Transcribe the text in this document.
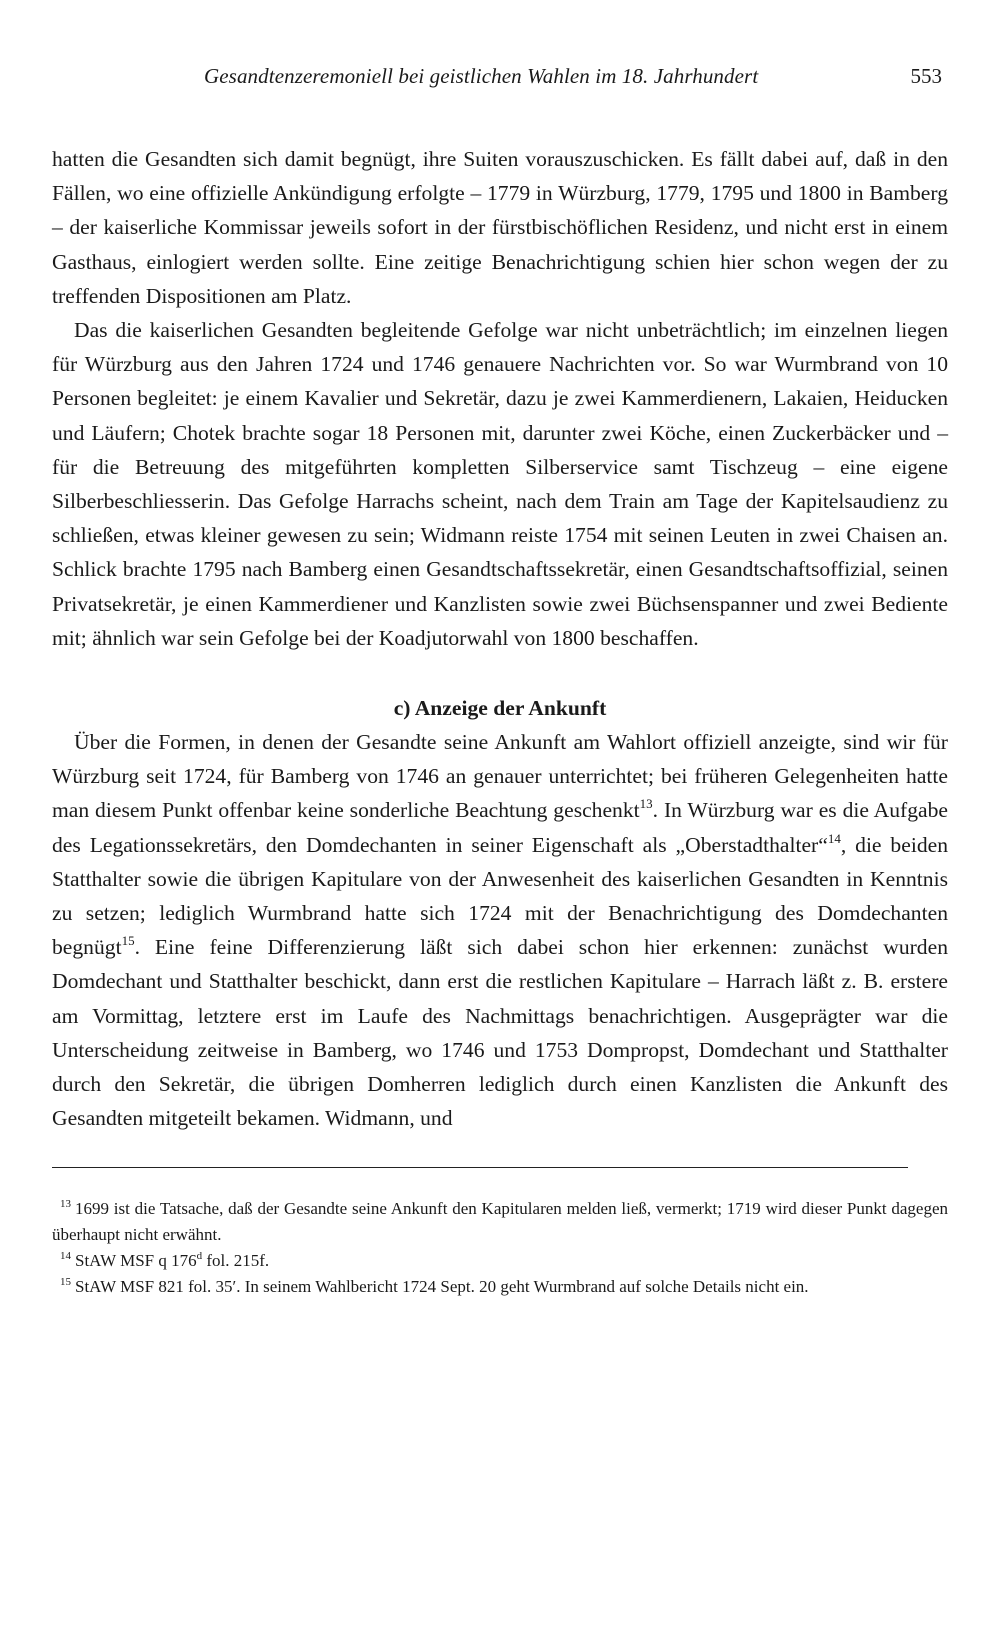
Gesandtenzeremoniell bei geistlichen Wahlen im 18. Jahrhundert	553

hatten die Gesandten sich damit begnügt, ihre Suiten vorauszuschicken. Es fällt dabei auf, daß in den Fällen, wo eine offizielle Ankündigung erfolgte – 1779 in Würzburg, 1779, 1795 und 1800 in Bamberg – der kaiserliche Kommissar jeweils sofort in der fürstbischöflichen Residenz, und nicht erst in einem Gasthaus, einlogiert werden sollte. Eine zeitige Benachrichtigung schien hier schon wegen der zu treffenden Dispositionen am Platz.

Das die kaiserlichen Gesandten begleitende Gefolge war nicht unbeträchtlich; im einzelnen liegen für Würzburg aus den Jahren 1724 und 1746 genauere Nachrichten vor. So war Wurmbrand von 10 Personen begleitet: je einem Kavalier und Sekretär, dazu je zwei Kammerdienern, Lakaien, Heiducken und Läufern; Chotek brachte sogar 18 Personen mit, darunter zwei Köche, einen Zuckerbäcker und – für die Betreuung des mitgeführten kompletten Silberservice samt Tischzeug – eine eigene Silberbeschliesserin. Das Gefolge Harrachs scheint, nach dem Train am Tage der Kapitelsaudienz zu schließen, etwas kleiner gewesen zu sein; Widmann reiste 1754 mit seinen Leuten in zwei Chaisen an. Schlick brachte 1795 nach Bamberg einen Gesandtschaftssekretär, einen Gesandtschaftsoffizial, seinen Privatsekretär, je einen Kammerdiener und Kanzlisten sowie zwei Büchsenspanner und zwei Bediente mit; ähnlich war sein Gefolge bei der Koadjutorwahl von 1800 beschaffen.

c) Anzeige der Ankunft

Über die Formen, in denen der Gesandte seine Ankunft am Wahlort offiziell anzeigte, sind wir für Würzburg seit 1724, für Bamberg von 1746 an genauer unterrichtet; bei früheren Gelegenheiten hatte man diesem Punkt offenbar keine sonderliche Beachtung geschenkt$^{13}$. In Würzburg war es die Aufgabe des Legationssekretärs, den Domdechanten in seiner Eigenschaft als „Oberstadthalter“$^{14}$, die beiden Statthalter sowie die übrigen Kapitulare von der Anwesenheit des kaiserlichen Gesandten in Kenntnis zu setzen; lediglich Wurmbrand hatte sich 1724 mit der Benachrichtigung des Domdechanten begnügt$^{15}$. Eine feine Differenzierung läßt sich dabei schon hier erkennen: zunächst wurden Domdechant und Statthalter beschickt, dann erst die restlichen Kapitulare – Harrach läßt z. B. erstere am Vormittag, letztere erst im Laufe des Nachmittags benachrichtigen. Ausgeprägter war die Unterscheidung zeitweise in Bamberg, wo 1746 und 1753 Dompropst, Domdechant und Statthalter durch den Sekretär, die übrigen Domherren lediglich durch einen Kanzlisten die Ankunft des Gesandten mitgeteilt bekamen. Widmann, und

$^{13}$ 1699 ist die Tatsache, daß der Gesandte seine Ankunft den Kapitularen melden ließ, vermerkt; 1719 wird dieser Punkt dagegen überhaupt nicht erwähnt.

$^{14}$ StAW MSF q 176$^d$ fol. 215f.

$^{15}$ StAW MSF 821 fol. 35′. In seinem Wahlbericht 1724 Sept. 20 geht Wurmbrand auf solche Details nicht ein.
